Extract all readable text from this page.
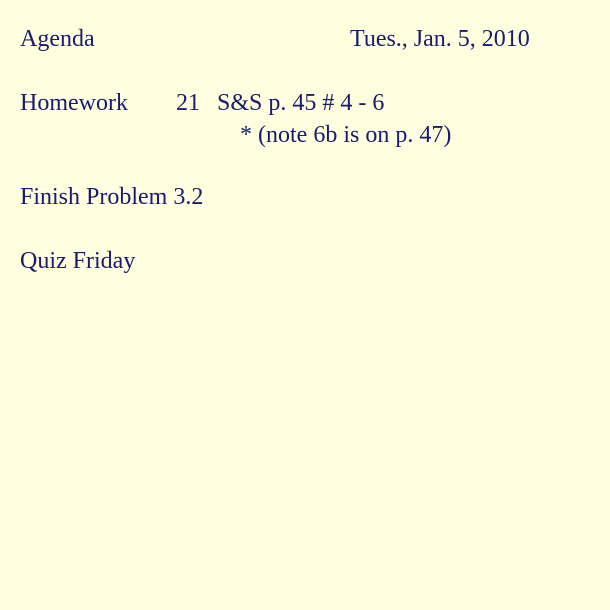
Agenda	Tues., Jan. 5, 2010
Homework 21 S&S p. 45 # 4 - 6
* (note 6b is on p. 47)
Finish Problem 3.2
Quiz Friday
